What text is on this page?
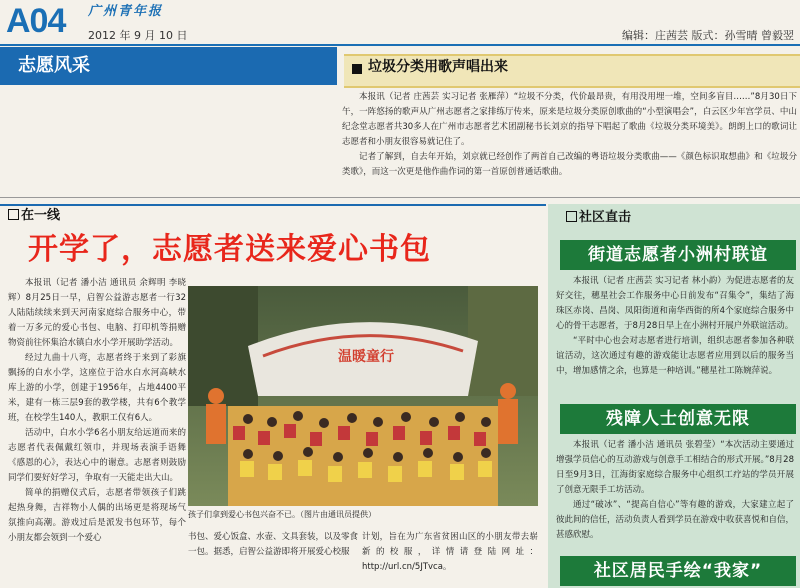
A04 广州青年报
2012 年 9 月 10 日	编辑：庄茜芸 版式：孙雪晴 曾毅翌
志愿风采	垃圾分类用歌声唱出来

本报讯（记者 庄茜芸 实习记者 张雁萍）“垃圾不分类，代价最昂贵，有用没用埋一堆，空间多盲目……”8月30日下午，一阵悠扬的歌声从广州志愿者之家排练厅传来，原来是垃圾分类原创歌曲的“小型演唱会”，白云区少年宫学员、中山纪念堂志愿者共30多人在广州市志愿者艺术团副秘书长刘京的指导下唱起了歌曲《垃圾分类环境美》。朗朗上口的歌词让志愿者和小朋友很容易就记住了。

记者了解到，自去年开始，刘京就已经创作了两首自己改编的粤语垃圾分类歌曲——《颜色标识取想曲》和《垃圾分类歌》，而这一次更是他作曲作词的第一首原创普通话歌曲。

在一线
开学了，志愿者送来爱心书包

本报讯（记者 潘小洁 通讯员 余辉明 李晓辉）8月25日一早，启智公益游志愿者一行32人陆陆续续来到天河南家庭综合服务中心，带着一万多元的爱心书包、电脑、打印机等捐赠物资前往怀集洽水镇白水小学开展助学活动。

经过九曲十八弯，志愿者终于来到了彩旗飘扬的白水小学，这座位于洽水白水河高峡水库上游的小学，创建于1956年，占地4400平米，建有一栋三层9套的教学楼，共有6个教学班，在校学生140人，教职工仅有6人。

活动中，白水小学6名小朋友给远道而来的志愿者代表佩戴红领巾，并现场表演手语舞《感恩的心》，表达心中的谢意。志愿者则鼓励同学们要好好学习，争取有一天能走出大山。

简单的捐赠仪式后，志愿者带领孩子们跳起热身舞，吉祥物小人偶的出场更是将现场气氛推向高潮。游戏过后是派发书包环节，每个小朋友都会领到一个爱心

温暖童行
孩子们拿到爱心书包兴奋不已。（图片由通讯员提供）
书包、爱心饭盒、水壶、文具套装，以及零食一包。据悉，启智公益游即将开展爱心校服
计划，旨在为广东省贫困山区的小朋友带去崭新的校服，详情请登陆网址：http://url.cn/5JTvca。
社区直击
街道志愿者小洲村联谊

本报讯（记者 庄茜芸 实习记者 林小韵）为促进志愿者的友好交往，穗星社会工作服务中心日前发布“召集令”，集结了海珠区赤岗、昌岗、凤阳街道和南华西街的所4个家庭综合服务中心的骨干志愿者，于8月28日早上在小洲村开展户外联谊活动。

“平时中心也会对志愿者进行培训，组织志愿者参加各种联谊活动，这次通过有趣的游戏能让志愿者应用到以后的服务当中，增加感情之余，也算是一种培训。”穗星社工陈婉萍说。

残障人士创意无限

本报讯（记者 潘小洁 通讯员 张碧莹）“本次活动主要通过增强学员信心的互动游戏与创意手工相结合的形式开展。”8月28日至9月3日，江海街家庭综合服务中心组织工疗站的学员开展了创意无限手工坊活动。

通过“破冰”、“提高自信心”等有趣的游戏，大家建立起了彼此间的信任，活动负责人看到学员在游戏中收获喜悦和自信，甚感欣慰。

社区居民手绘“我家”
